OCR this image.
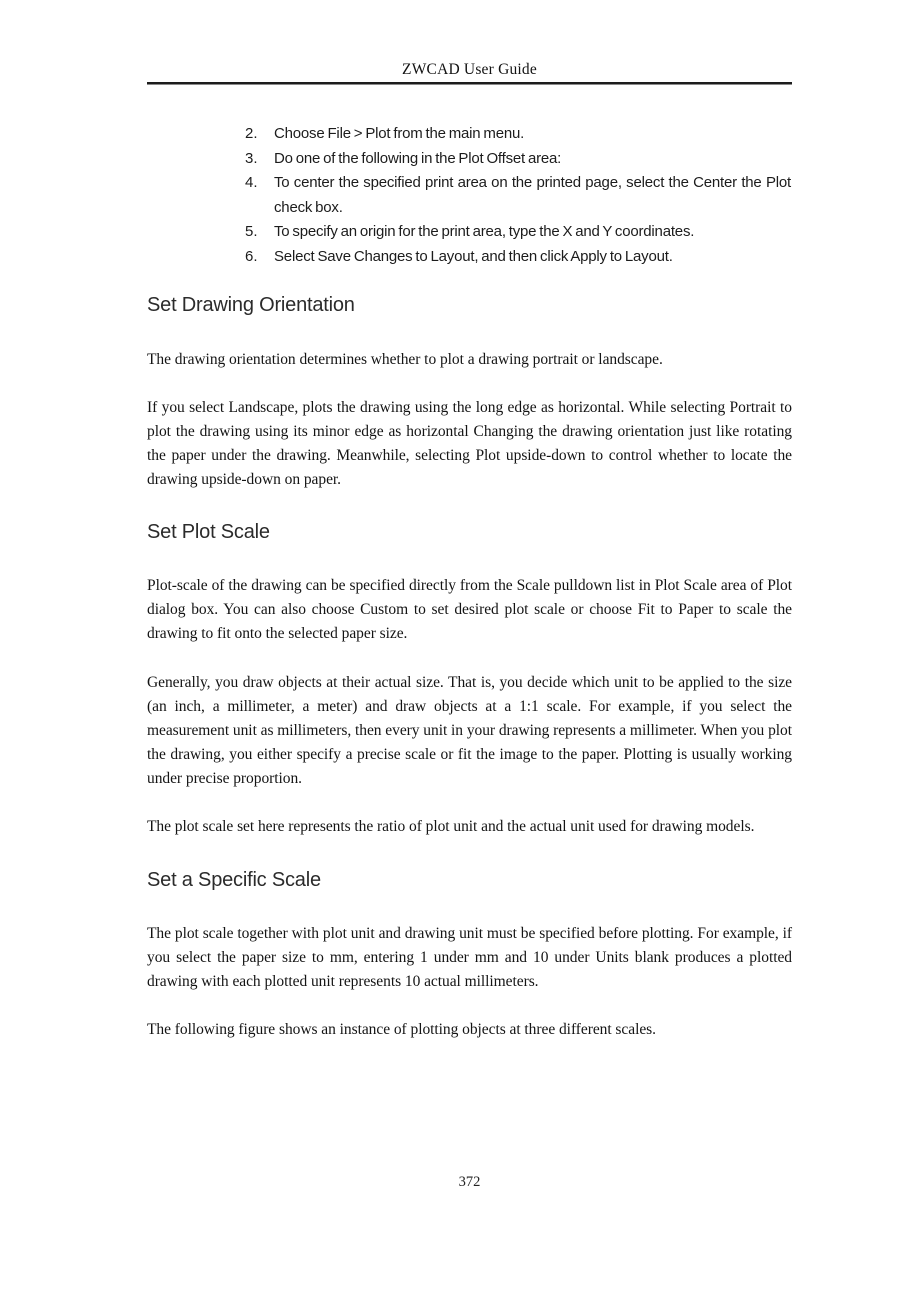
ZWCAD User Guide
2.	Choose File > Plot from the main menu.
3.	Do one of the following in the Plot Offset area:
4.	To center the specified print area on the printed page, select the Center the Plot check box.
5.	To specify an origin for the print area, type the X and Y coordinates.
6.	Select Save Changes to Layout, and then click Apply to Layout.
Set Drawing Orientation
The drawing orientation determines whether to plot a drawing portrait or landscape.
If you select Landscape, plots the drawing using the long edge as horizontal. While selecting Portrait to plot the drawing using its minor edge as horizontal Changing the drawing orientation just like rotating the paper under the drawing. Meanwhile, selecting Plot upside-down to control whether to locate the drawing upside-down on paper.
Set Plot Scale
Plot-scale of the drawing can be specified directly from the Scale pulldown list in Plot Scale area of Plot dialog box. You can also choose Custom to set desired plot scale or choose Fit to Paper to scale the drawing to fit onto the selected paper size.
Generally, you draw objects at their actual size. That is, you decide which unit to be applied to the size (an inch, a millimeter, a meter) and draw objects at a 1:1 scale. For example, if you select the measurement unit as millimeters, then every unit in your drawing represents a millimeter. When you plot the drawing, you either specify a precise scale or fit the image to the paper. Plotting is usually working under precise proportion.
The plot scale set here represents the ratio of plot unit and the actual unit used for drawing models.
Set a Specific Scale
The plot scale together with plot unit and drawing unit must be specified before plotting. For example, if you select the paper size to mm, entering 1 under mm and 10 under Units blank produces a plotted drawing with each plotted unit represents 10 actual millimeters.
The following figure shows an instance of plotting objects at three different scales.
372
